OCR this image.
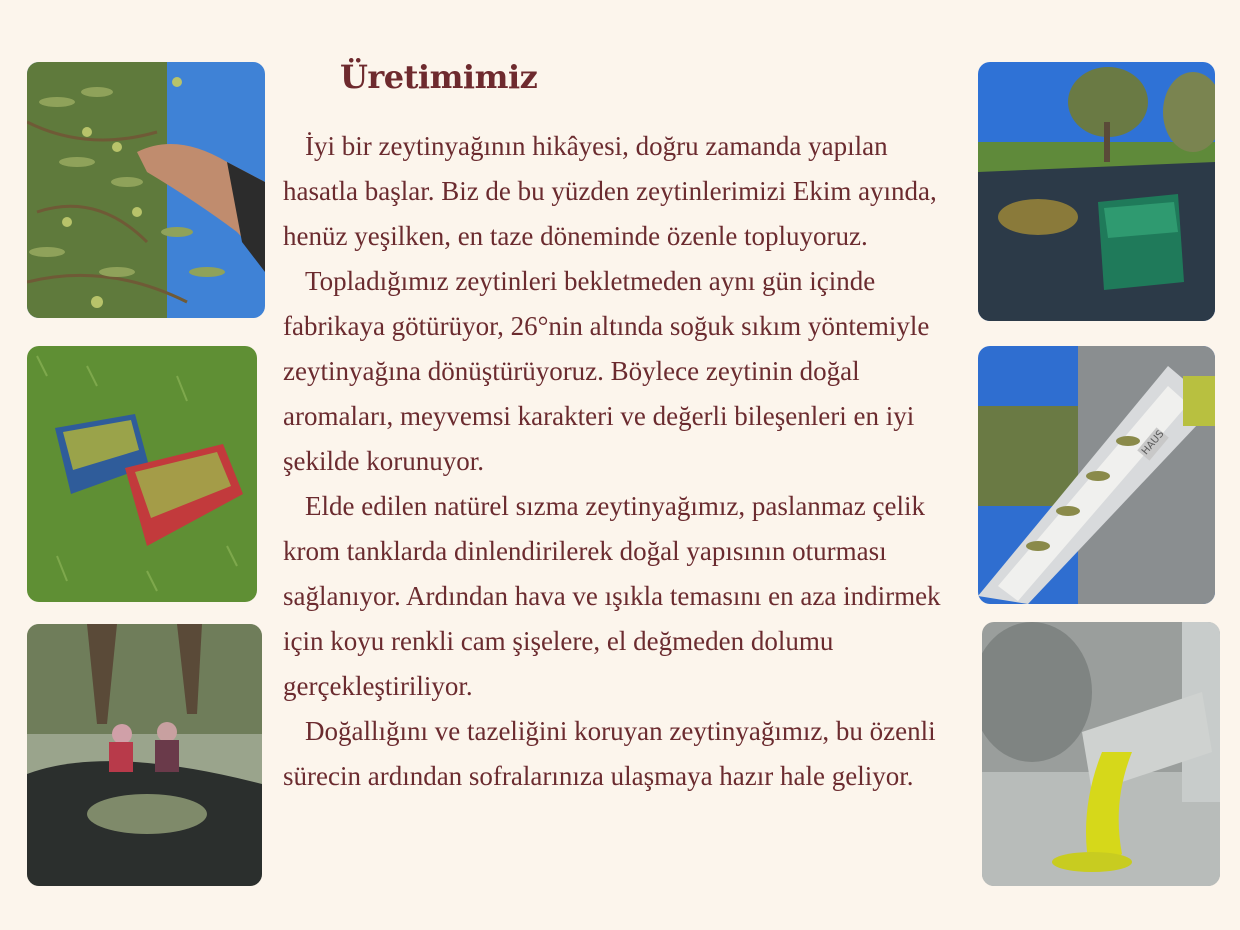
HAUS
Üretimimiz

İyi bir zeytinyağının hikâyesi, doğru zamanda yapılan hasatla başlar. Biz de bu yüzden zeytinlerimizi Ekim ayında, henüz yeşilken, en taze döneminde özenle topluyoruz.

Topladığımız zeytinleri bekletmeden aynı gün içinde fabrikaya götürüyor, 26°nin altında soğuk sıkım yöntemiyle zeytinyağına dönüştürüyoruz. Böylece zeytinin doğal aromaları, meyvemsi karakteri ve değerli bileşenleri en iyi şekilde korunuyor.

Elde edilen natürel sızma zeytinyağımız, paslanmaz çelik krom tanklarda dinlendirilerek doğal yapısının oturması sağlanıyor. Ardından hava ve ışıkla temasını en aza indirmek için koyu renkli cam şişelere, el değmeden dolumu gerçekleştiriliyor.

Doğallığını ve tazeliğini koruyan zeytinyağımız, bu özenli sürecin ardından sofralarınıza ulaşmaya hazır hale geliyor.
